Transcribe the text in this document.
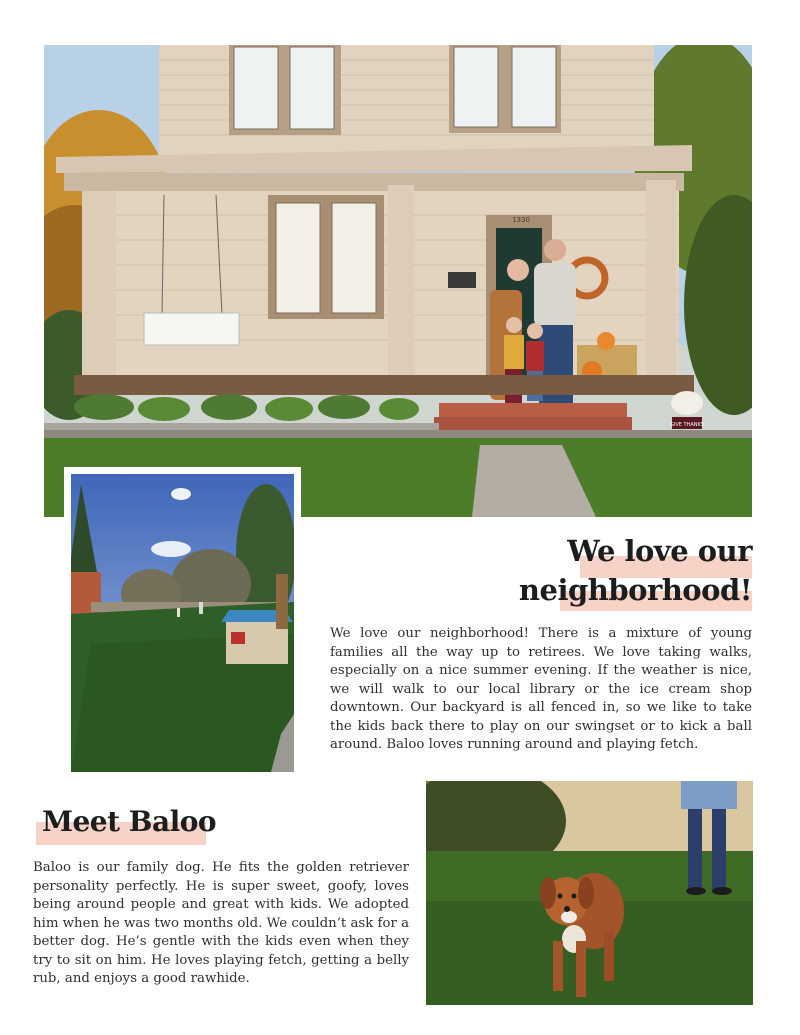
GIVE THANKS
1330
We love our
neighborhood!

We love our neighborhood! There is a mixture of young families all the way up to retirees. We love taking walks, especially on a nice summer evening. If the weather is nice, we will walk to our local library or the ice cream shop downtown. Our backyard is all fenced in, so we like to take the kids back there to play on our swingset or to kick a ball around. Baloo loves running around and playing fetch.

Meet Baloo

Baloo is our family dog. He fits the golden retriever personality perfectly. He is super sweet, goofy, loves being around people and great with kids. We adopted him when he was two months old. We couldn’t ask for a better dog. He’s gentle with the kids even when they try to sit on him. He loves playing fetch, getting a belly rub, and enjoys a good rawhide.
